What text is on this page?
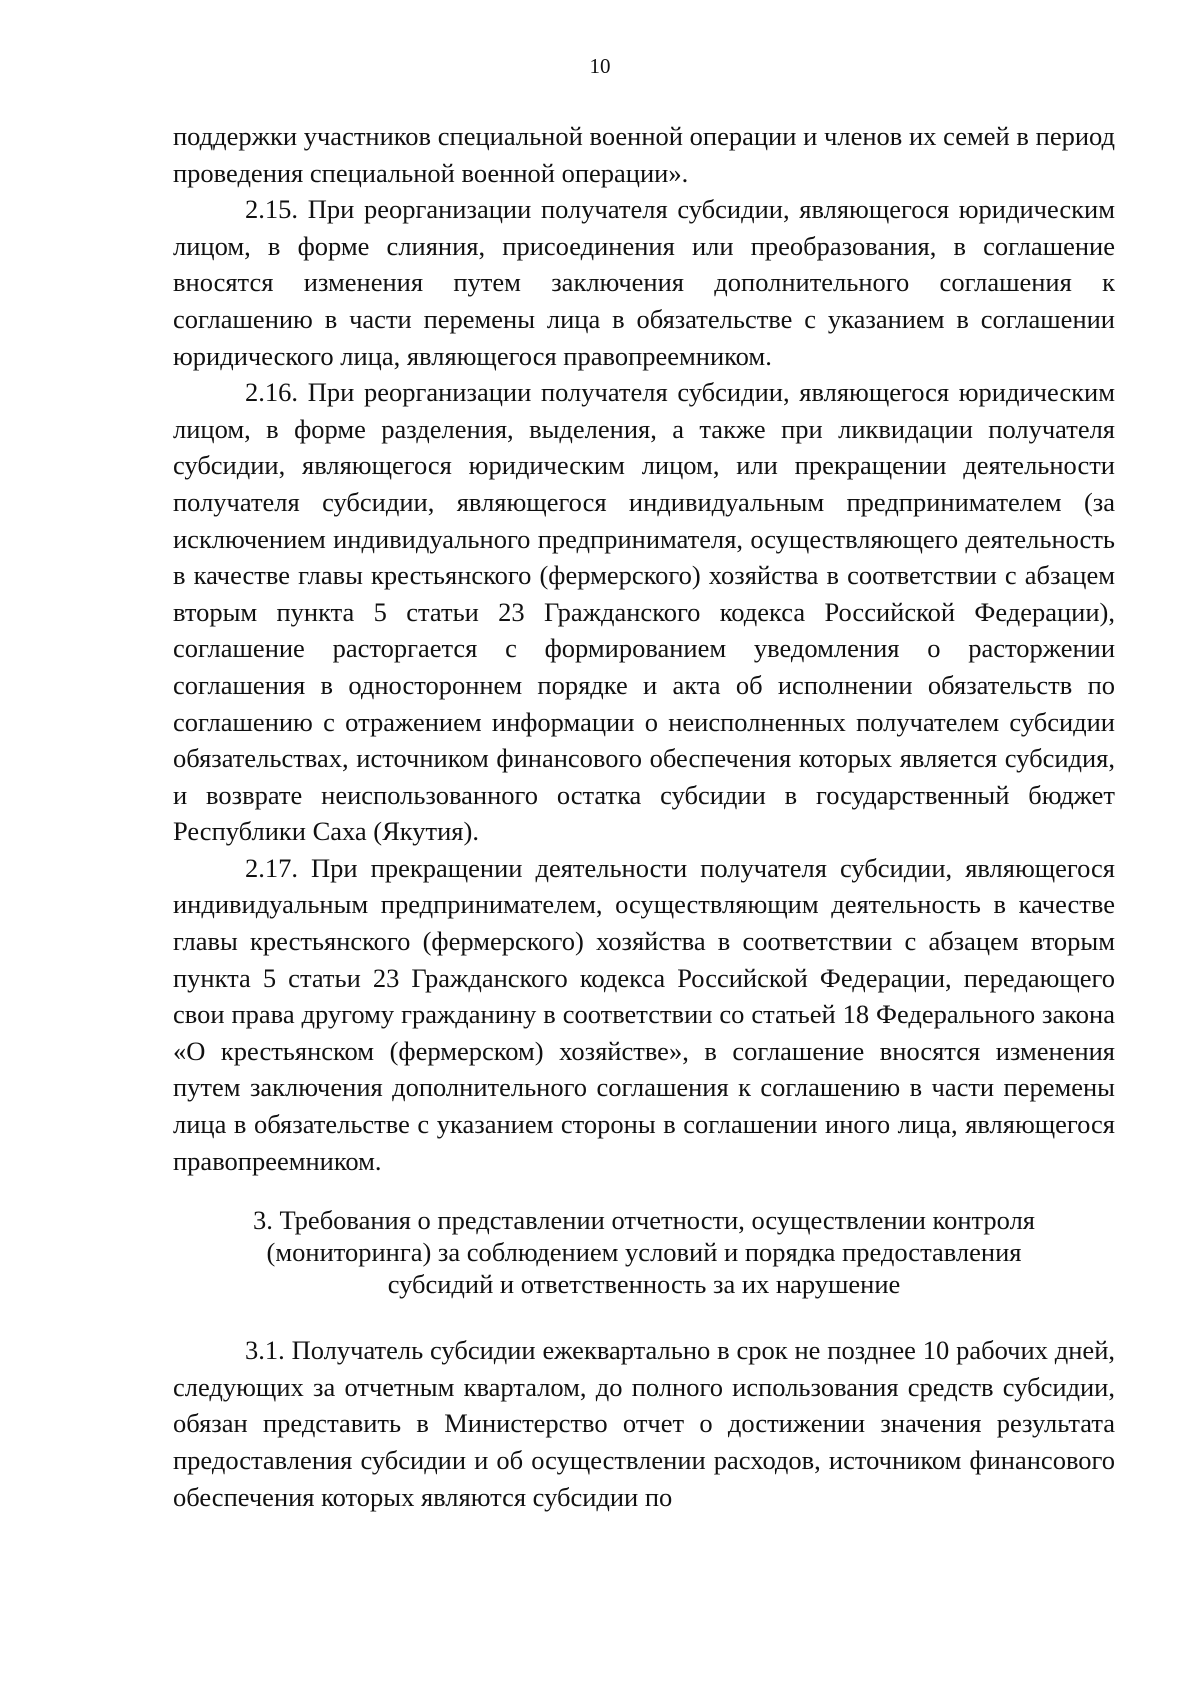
10

поддержки участников специальной военной операции и членов их семей в период проведения специальной военной операции».

2.15. При реорганизации получателя субсидии, являющегося юридическим лицом, в форме слияния, присоединения или преобразования, в соглашение вносятся изменения путем заключения дополнительного соглашения к соглашению в части перемены лица в обязательстве с указанием в соглашении юридического лица, являющегося правопреемником.

2.16. При реорганизации получателя субсидии, являющегося юридическим лицом, в форме разделения, выделения, а также при ликвидации получателя субсидии, являющегося юридическим лицом, или прекращении деятельности получателя субсидии, являющегося индивидуальным предпринимателем (за исключением индивидуального предпринимателя, осуществляющего деятельность в качестве главы крестьянского (фермерского) хозяйства в соответствии с абзацем вторым пункта 5 статьи 23 Гражданского кодекса Российской Федерации), соглашение расторгается с формированием уведомления о расторжении соглашения в одностороннем порядке и акта об исполнении обязательств по соглашению с отражением информации о неисполненных получателем субсидии обязательствах, источником финансового обеспечения которых является субсидия, и возврате неиспользованного остатка субсидии в государственный бюджет Республики Саха (Якутия).

2.17. При прекращении деятельности получателя субсидии, являющегося индивидуальным предпринимателем, осуществляющим деятельность в качестве главы крестьянского (фермерского) хозяйства в соответствии с абзацем вторым пункта 5 статьи 23 Гражданского кодекса Российской Федерации, передающего свои права другому гражданину в соответствии со статьей 18 Федерального закона «О крестьянском (фермерском) хозяйстве», в соглашение вносятся изменения путем заключения дополнительного соглашения к соглашению в части перемены лица в обязательстве с указанием стороны в соглашении иного лица, являющегося правопреемником.

3. Требования о представлении отчетности, осуществлении контроля

(мониторинга) за соблюдением условий и порядка предоставления

субсидий и ответственность за их нарушение

3.1. Получатель субсидии ежеквартально в срок не позднее 10 рабочих дней, следующих за отчетным кварталом, до полного использования средств субсидии, обязан представить в Министерство отчет о достижении значения результата предоставления субсидии и об осуществлении расходов, источником финансового обеспечения которых являются субсидии по
